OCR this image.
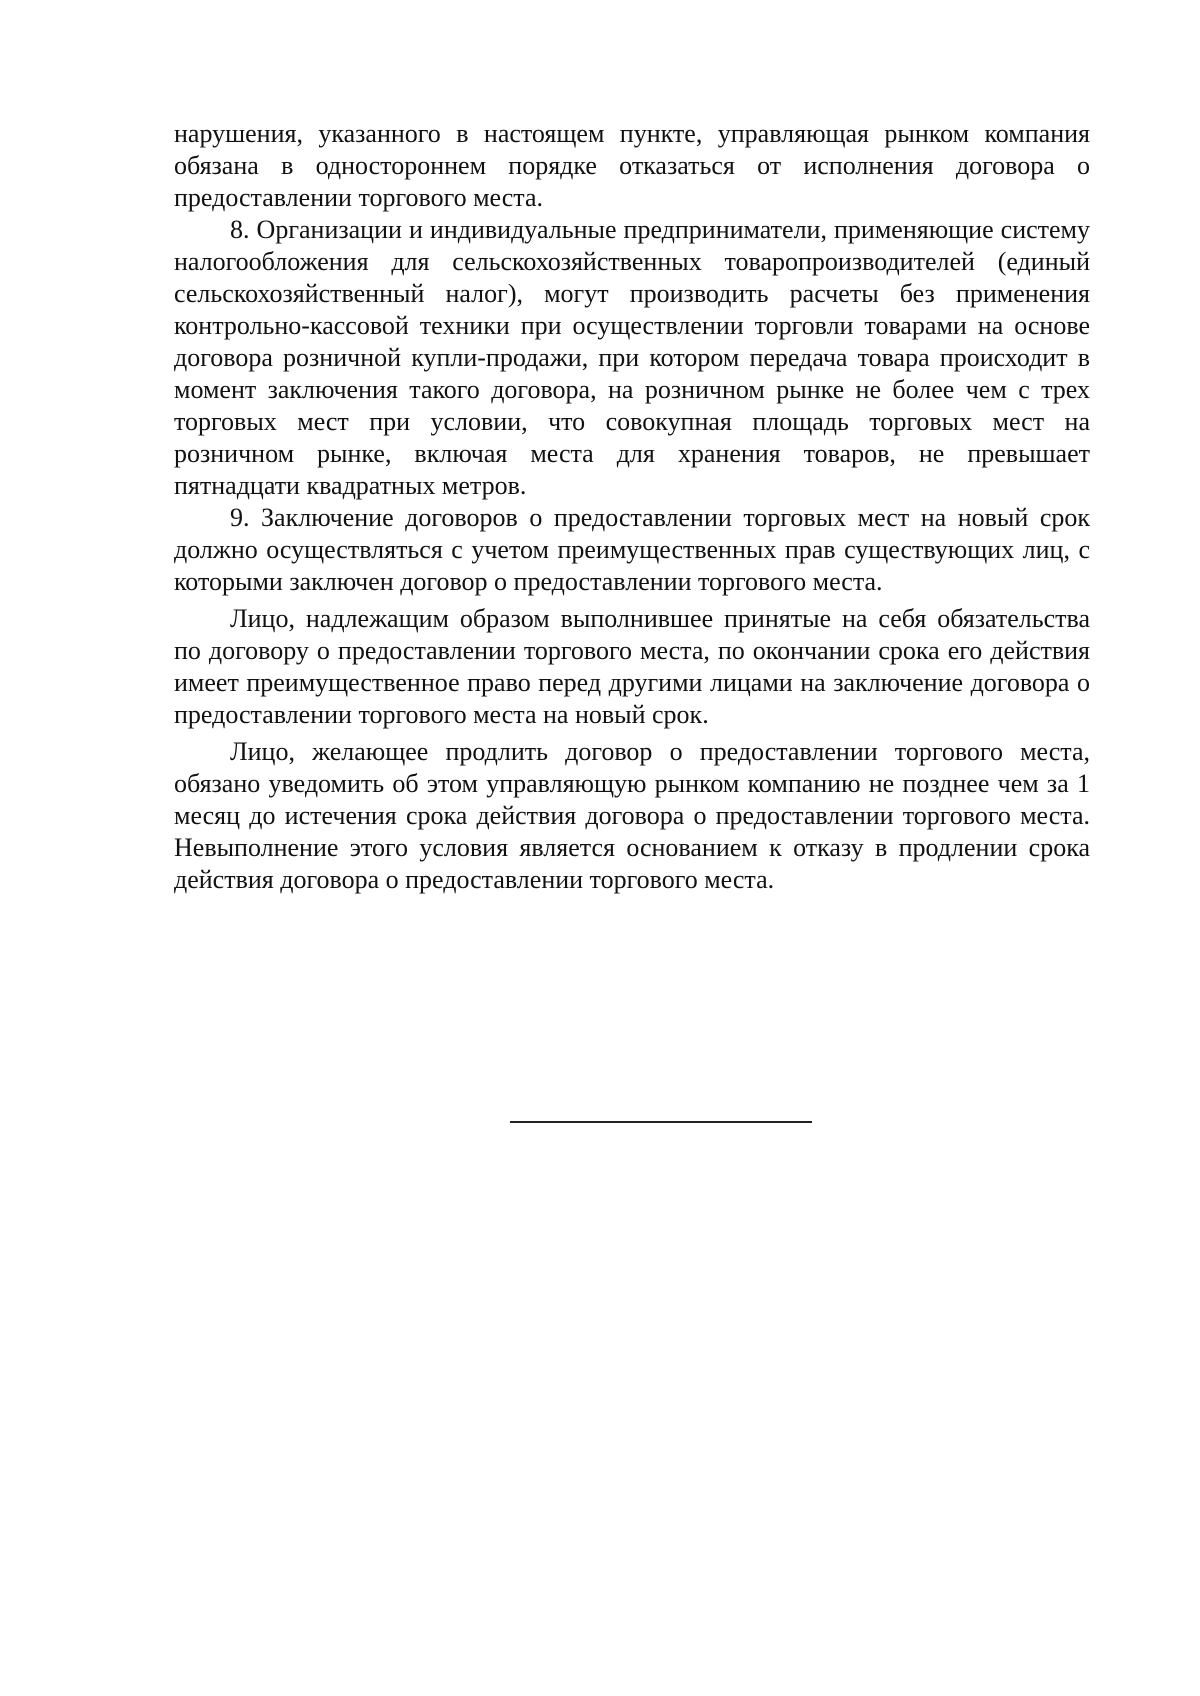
нарушения, указанного в настоящем пункте, управляющая рынком компания обязана в одностороннем порядке отказаться от исполнения договора о предоставлении торгового места.

8. Организации и индивидуальные предприниматели, применяющие систему налогообложения для сельскохозяйственных товаропроизводителей (единый сельскохозяйственный налог), могут производить расчеты без применения контрольно-кассовой техники при осуществлении торговли товарами на основе договора розничной купли-продажи, при котором передача товара происходит в момент заключения такого договора, на розничном рынке не более чем с трех торговых мест при условии, что совокупная площадь торговых мест на розничном рынке, включая места для хранения товаров, не превышает пятнадцати квадратных метров.

9. Заключение договоров о предоставлении торговых мест на новый срок должно осуществляться с учетом преимущественных прав существующих лиц, с которыми заключен договор о предоставлении торгового места.

Лицо, надлежащим образом выполнившее принятые на себя обязательства по договору о предоставлении торгового места, по окончании срока его действия имеет преимущественное право перед другими лицами на заключение договора о предоставлении торгового места на новый срок.

Лицо, желающее продлить договор о предоставлении торгового места, обязано уведомить об этом управляющую рынком компанию не позднее чем за 1 месяц до истечения срока действия договора о предоставлении торгового места. Невыполнение этого условия является основанием к отказу в продлении срока действия договора о предоставлении торгового места.
